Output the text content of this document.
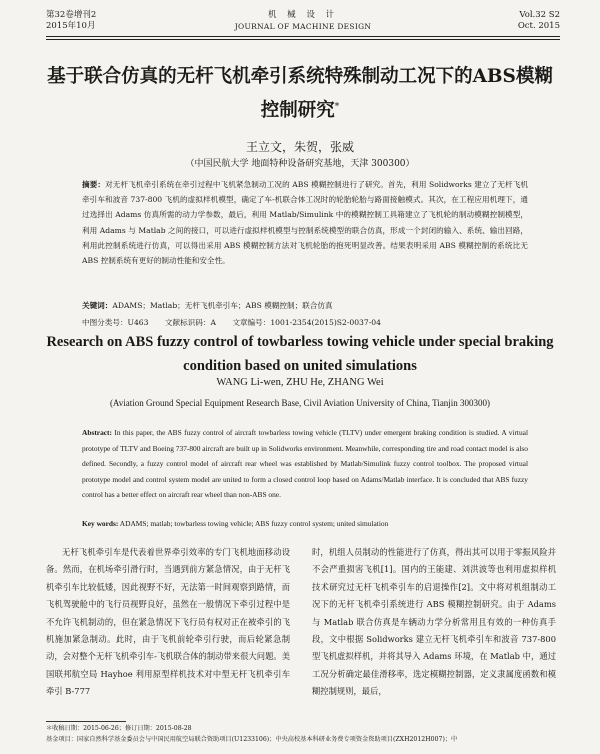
第32卷增刊2
2015年10月
机 械 设 计
JOURNAL OF MACHINE DESIGN
Vol.32 S2
Oct. 2015
基于联合仿真的无杆飞机牵引系统特殊制动工况下的ABS模糊控制研究*
王立文，朱贺，张威
（中国民航大学 地面特种设备研究基地，天津 300300）
摘要：对无杆飞机牵引系统在牵引过程中飞机紧急制动工况的 ABS 模糊控制进行了研究。首先，利用 Solidworks 建立了无杆飞机牵引车和波音 737-800 飞机的虚拟样机模型，确定了车-机联合体工况时的轮胎轮胎与路面接触模式。其次，在工程应用机理下，通过选择出 Adams 仿真所需的动力学参数，最后，利用 Matlab/Simulink 中的模糊控制工具箱建立了飞机轮的制动模糊控制模型，利用 Adams 与 Matlab 之间的接口，可以进行虚拟样机模型与控制系统模型的联合仿真，形成一个封闭的输入、系统、输出回路，利用此控制系统进行仿真，可以得出采用 ABS 模糊控制方法对飞机轮胎的抱死明显改善。结果表明采用 ABS 模糊控制的系统比无 ABS 控制系统有更好的制动性能和安全性。
关键词：ADAMS；Matlab；无杆飞机牵引车；ABS 模糊控制；联合仿真
中图分类号：U463 文献标识码：A 文章编号：1001-2354(2015)S2-0037-04
Research on ABS fuzzy control of towbarless towing vehicle under special braking condition based on united simulations
WANG Li-wen, ZHU He, ZHANG Wei
(Aviation Ground Special Equipment Research Base, Civil Aviation University of China, Tianjin 300300)
Abstract: In this paper, the ABS fuzzy control of aircraft towbarless towing vehicle (TLTV) under emergent braking condition is studied. A virtual prototype of TLTV and Boeing 737-800 aircraft are built up in Solidworks environment. Meanwhile, corresponding tire and road contact model is also defined. Secondly, a fuzzy control model of aircraft rear wheel was established by Matlab/Simulink fuzzy control toolbox. The proposed virtual prototype model and control system model are united to form a closed control loop based on Adams/Matlab interface. It is concluded that ABS fuzzy control has a better effect on aircraft rear wheel than non-ABS one.
Key words: ADAMS; matlab; towbarless towing vehicle; ABS fuzzy control system; united simulation
无杆飞机牵引车是代表着世界牵引效率的专门飞机地面移动设备。然而，在机场牵引滑行时，当遇到前方紧急情况，由于无杆飞机牵引车比较低矮，因此视野不好，无法第一时间观察到路情，而飞机驾驶舱中的飞行员视野良好，虽然在一般情况下牵引过程中是不允许飞机制动的，但在紧急情况下飞行员有权对正在被牵引的飞机施加紧急制动。此时，由于飞机前轮牵引行驶，而后轮紧急制动，会对整个无杆飞机牵引车-飞机联合体的制动带来很大问题。美国联邦航空局 Hayhoe 利用原型样机技术对中型无杆飞机牵引车牵引 B-777
时，机组人员制动的性能进行了仿真，得出其可以用于零振风险并不会严重损害飞机[1]。国内的王能建、刘洪波等也利用虚拟样机技术研究过无杆飞机牵引车的启退操作[2]。文中将对机组制动工况下的无杆飞机牵引系统进行 ABS 模糊控制研究。由于 Adams 与 Matlab 联合仿真是车辆动力学分析常用且有效的一种仿真手段，文中根据 Solidworks 建立无杆飞机牵引车和波音 737-800 型飞机虚拟样机，并将其导入 Adams 环境，在 Matlab 中，通过工况分析确定最佳滑移率，选定模糊控制器，定义隶属度函数和模糊控制规则，最后，
＊收稿日期：2015-06-26；修订日期：2015-08-28
基金项目：国家自然科学基金委员会与中国民用航空局联合资助项目(U1233106)；中央高校基本科研业务费专项资金资助项目(ZXH2012H007)；中
